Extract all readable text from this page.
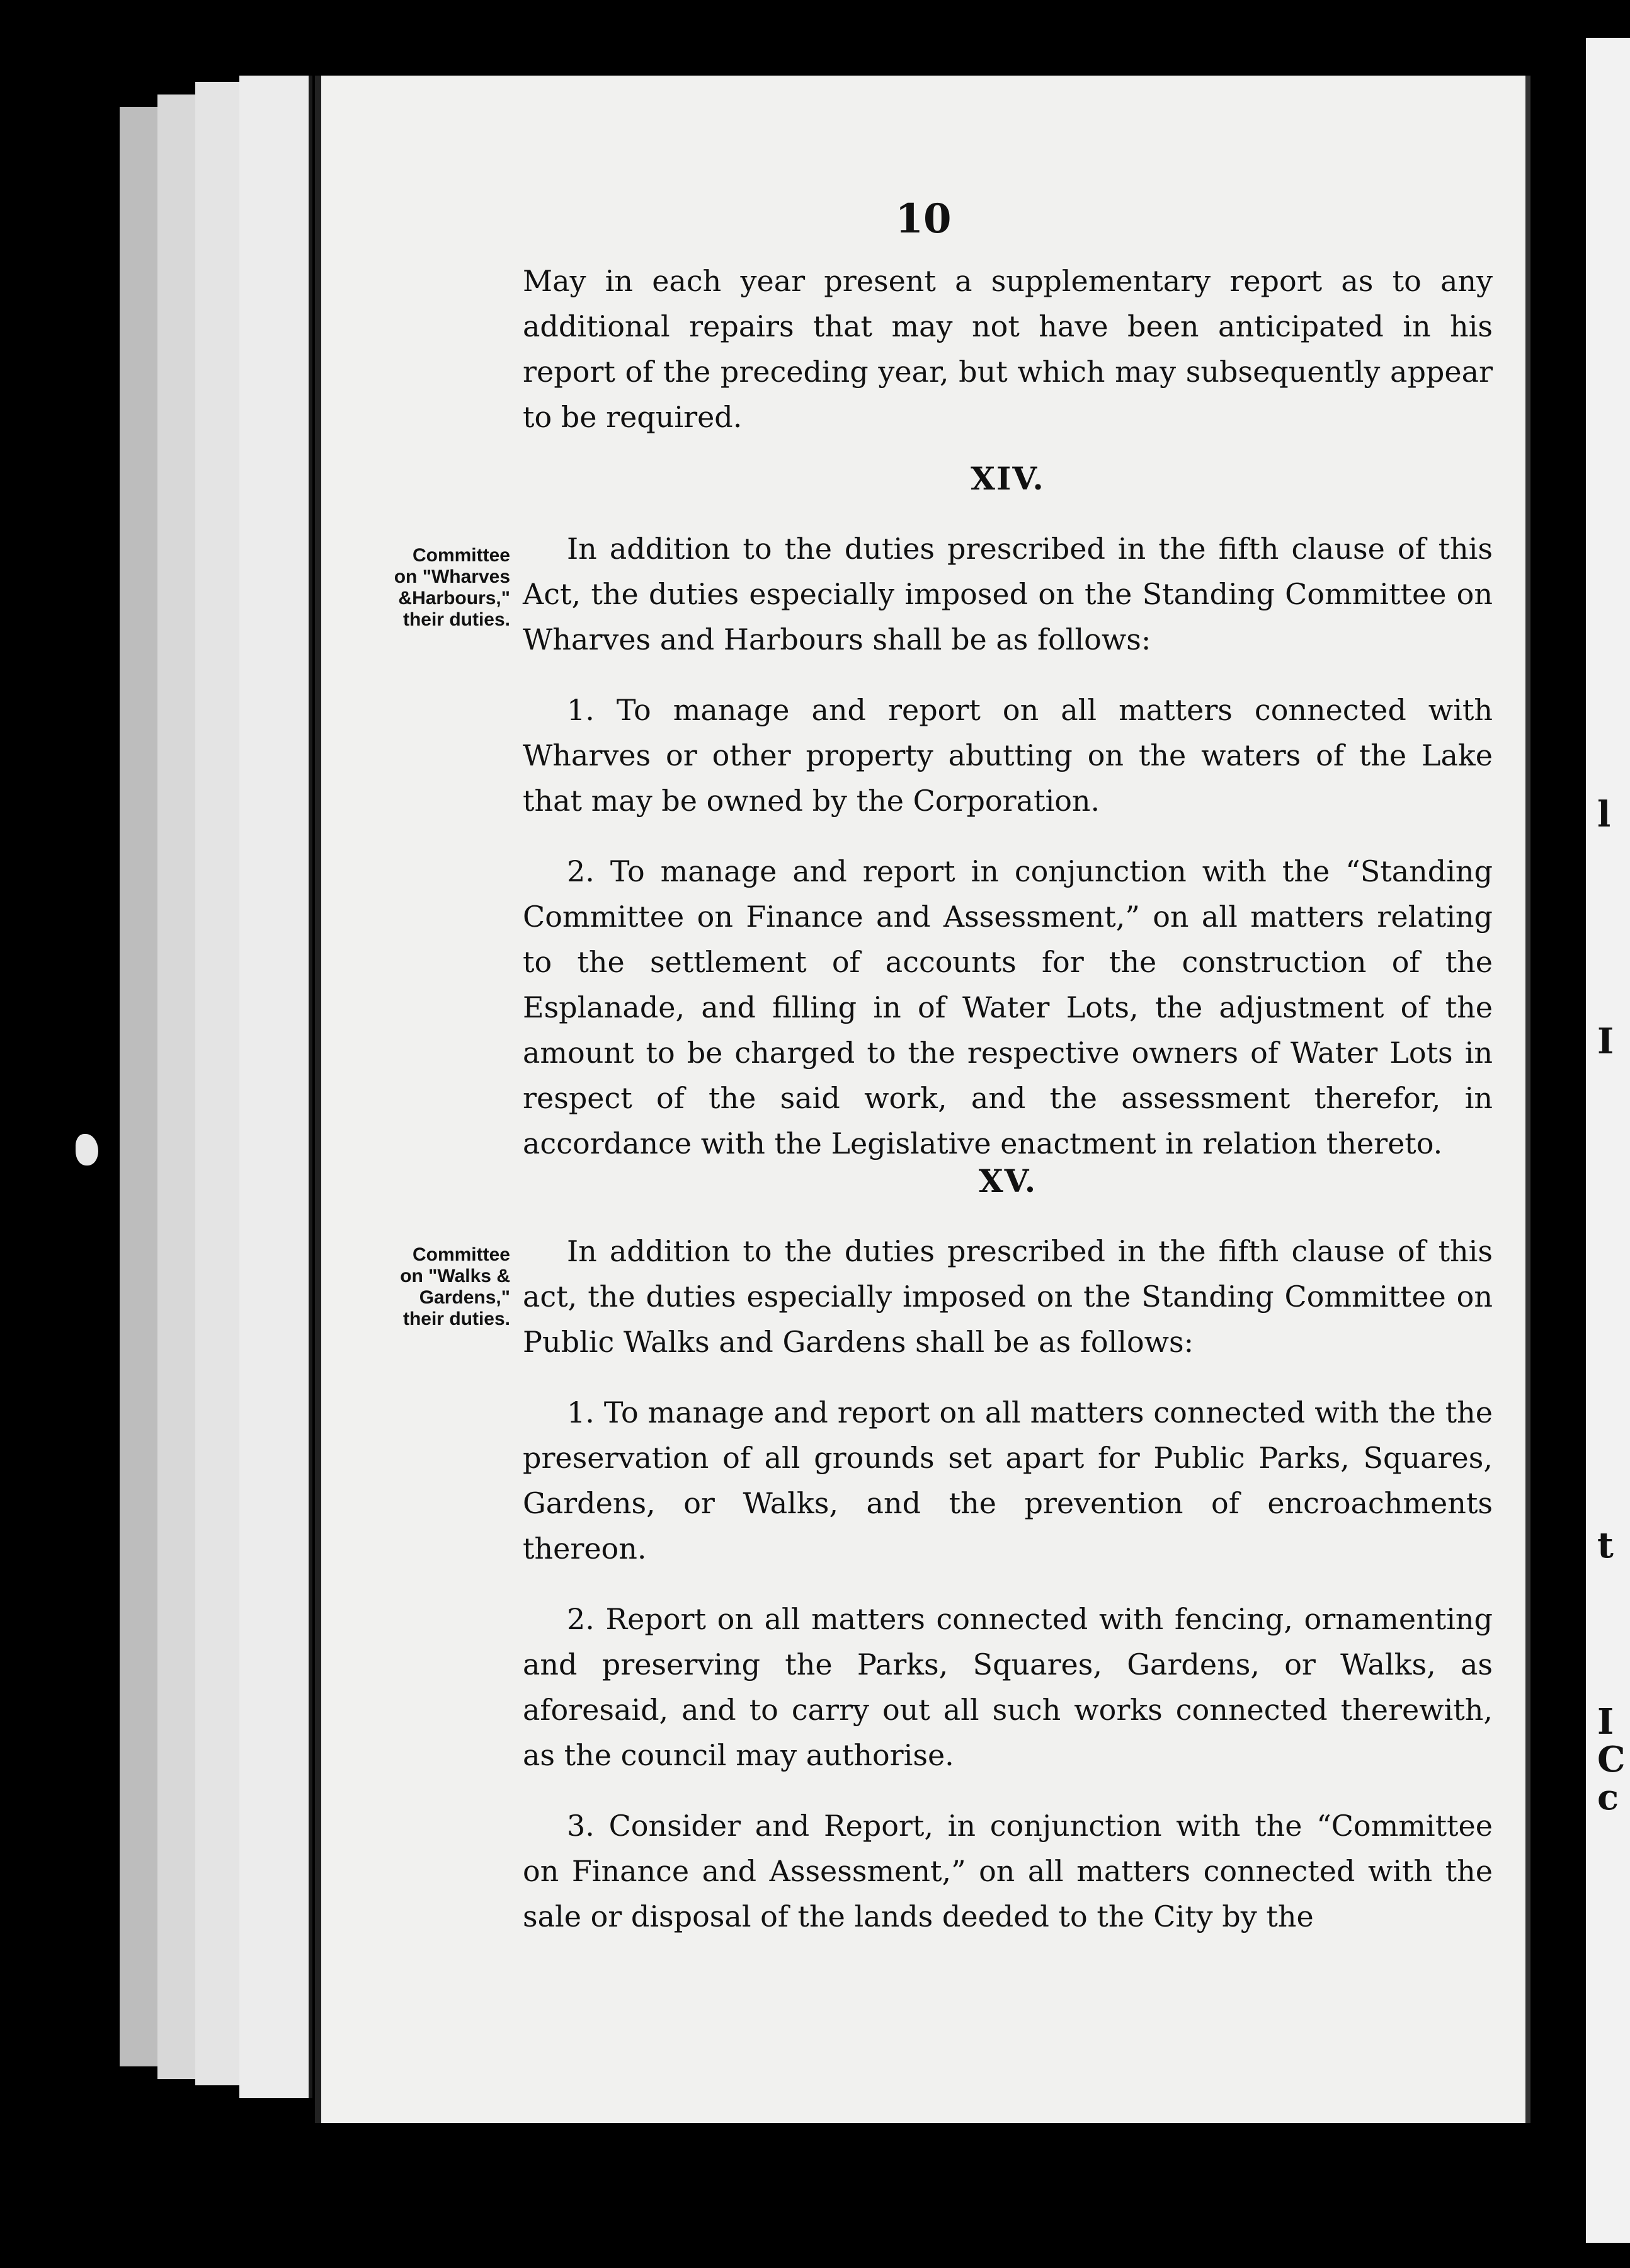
l
I
t
I
C
c
10

May in each year present a supplementary report as to any additional repairs that may not have been anticipated in his report of the preceding year, but which may subsequently appear to be required.

XIV.

Committee

on "Wharves

&Harbours,"

their duties.

In addition to the duties prescribed in the fifth clause of this Act, the duties especially imposed on the Standing Committee on Wharves and Harbours shall be as follows:

1. To manage and report on all matters connected with Wharves or other property abutting on the waters of the Lake that may be owned by the Corporation.

2. To manage and report in conjunction with the “Standing Committee on Finance and Assessment,” on all matters relating to the settlement of accounts for the construction of the Esplanade, and filling in of Water Lots, the adjustment of the amount to be charged to the respective owners of Water Lots in respect of the said work, and the assessment therefor, in accordance with the Legislative enactment in relation thereto.

XV.

Committee

on "Walks &

Gardens,"

their duties.

In addition to the duties prescribed in the fifth clause of this act, the duties especially imposed on the Standing Committee on Public Walks and Gardens shall be as follows:

1. To manage and report on all matters connected with the the preservation of all grounds set apart for Public Parks, Squares, Gardens, or Walks, and the prevention of encroachments thereon.

2. Report on all matters connected with fencing, ornamenting and preserving the Parks, Squares, Gardens, or Walks, as aforesaid, and to carry out all such works connected therewith, as the council may authorise.

3. Consider and Report, in conjunction with the “Committee on Finance and Assessment,” on all matters connected with the sale or disposal of the lands deeded to the City by the
